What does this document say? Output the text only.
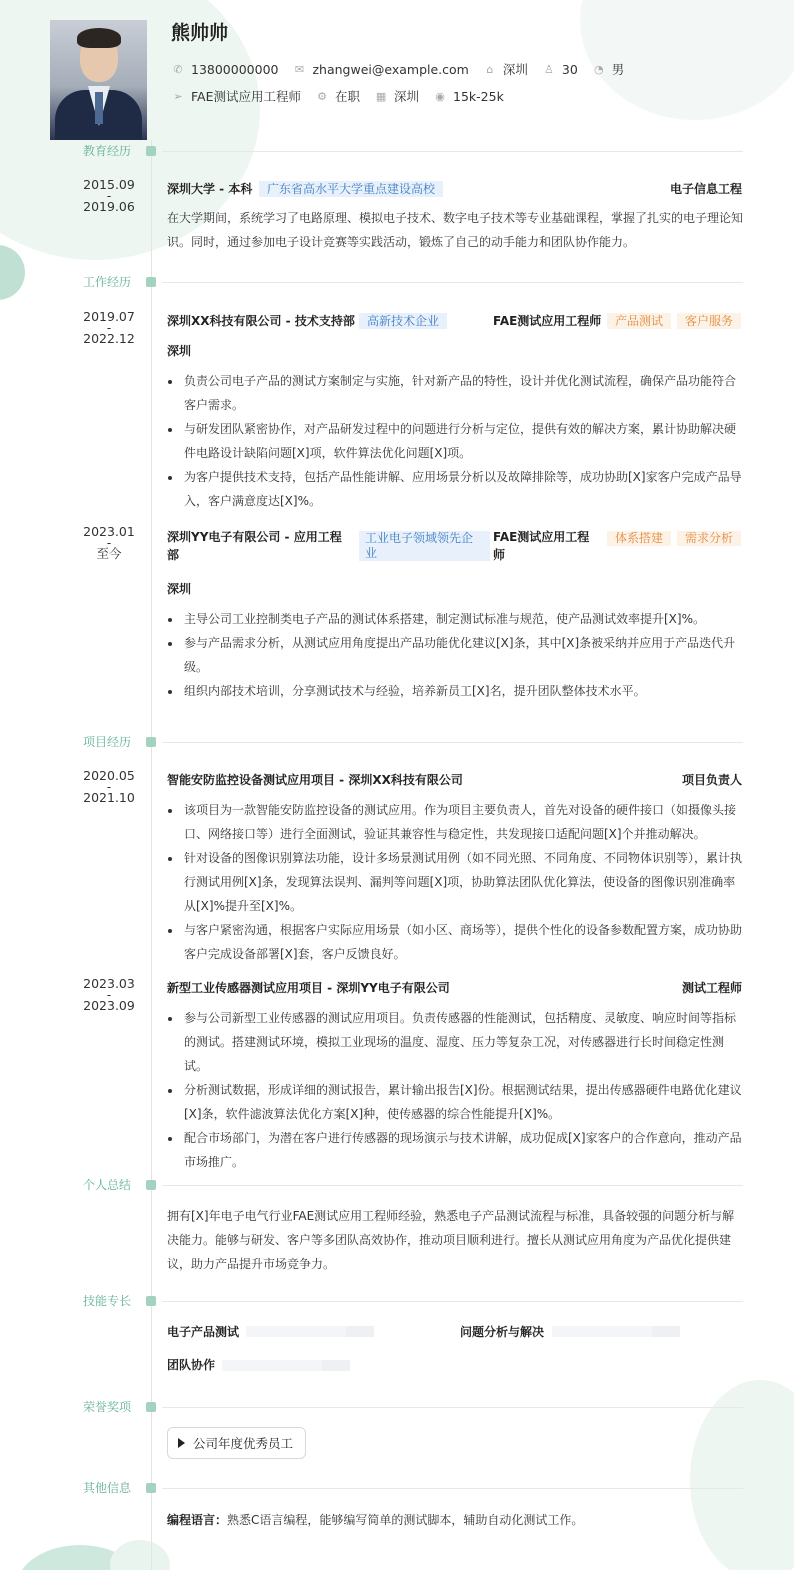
熊帅帅
✆ 13800000000 ✉ zhangwei@example.com	⌂ 深圳 ♙ 30 ◔ 男
➢ FAE测试应用工程师 ⚙ 在职 ▦ 深圳 ◉ 15k-25k
教育经历
2015.09
-
2019.06
深圳大学 - 本科	广东省高水平大学重点建设高校	电子信息工程
在大学期间，系统学习了电路原理、模拟电子技术、数字电子技术等专业基础课程，掌握了扎实的电子理论知识。同时，通过参加电子设计竞赛等实践活动，锻炼了自己的动手能力和团队协作能力。
工作经历
2019.07
-
2022.12
深圳XX科技有限公司 - 技术支持部	高新技术企业	FAE测试应用工程师	产品测试	客户服务
深圳
负责公司电子产品的测试方案制定与实施，针对新产品的特性，设计并优化测试流程，确保产品功能符合客户需求。
与研发团队紧密协作，对产品研发过程中的问题进行分析与定位，提供有效的解决方案，累计协助解决硬件电路设计缺陷问题[X]项，软件算法优化问题[X]项。
为客户提供技术支持，包括产品性能讲解、应用场景分析以及故障排除等，成功协助[X]家客户完成产品导入，客户满意度达[X]%。
2023.01
-
至今
深圳YY电子有限公司 - 应用工程部
工业电子领域领先企业
FAE测试应用工程师
体系搭建	需求分析
深圳
主导公司工业控制类电子产品的测试体系搭建，制定测试标准与规范，使产品测试效率提升[X]%。
参与产品需求分析，从测试应用角度提出产品功能优化建议[X]条，其中[X]条被采纳并应用于产品迭代升级。
组织内部技术培训，分享测试技术与经验，培养新员工[X]名，提升团队整体技术水平。
项目经历
2020.05
-
2021.10
智能安防监控设备测试应用项目 - 深圳XX科技有限公司	项目负责人
该项目为一款智能安防监控设备的测试应用。作为项目主要负责人，首先对设备的硬件接口（如摄像头接口、网络接口等）进行全面测试，验证其兼容性与稳定性，共发现接口适配问题[X]个并推动解决。
针对设备的图像识别算法功能，设计多场景测试用例（如不同光照、不同角度、不同物体识别等），累计执行测试用例[X]条，发现算法误判、漏判等问题[X]项，协助算法团队优化算法，使设备的图像识别准确率从[X]%提升至[X]%。
与客户紧密沟通，根据客户实际应用场景（如小区、商场等），提供个性化的设备参数配置方案，成功协助客户完成设备部署[X]套，客户反馈良好。
2023.03
-
2023.09
新型工业传感器测试应用项目 - 深圳YY电子有限公司	测试工程师
参与公司新型工业传感器的测试应用项目。负责传感器的性能测试，包括精度、灵敏度、响应时间等指标的测试。搭建测试环境，模拟工业现场的温度、湿度、压力等复杂工况，对传感器进行长时间稳定性测试。
分析测试数据，形成详细的测试报告，累计输出报告[X]份。根据测试结果，提出传感器硬件电路优化建议[X]条，软件滤波算法优化方案[X]种，使传感器的综合性能提升[X]%。
配合市场部门，为潜在客户进行传感器的现场演示与技术讲解，成功促成[X]家客户的合作意向，推动产品市场推广。
个人总结
拥有[X]年电子电气行业FAE测试应用工程师经验，熟悉电子产品测试流程与标准，具备较强的问题分析与解决能力。能够与研发、客户等多团队高效协作，推动项目顺利进行。擅长从测试应用角度为产品优化提供建议，助力产品提升市场竞争力。
技能专长
电子产品测试	问题分析与解决
团队协作
荣誉奖项
公司年度优秀员工
其他信息
编程语言：熟悉C语言编程，能够编写简单的测试脚本，辅助自动化测试工作。
